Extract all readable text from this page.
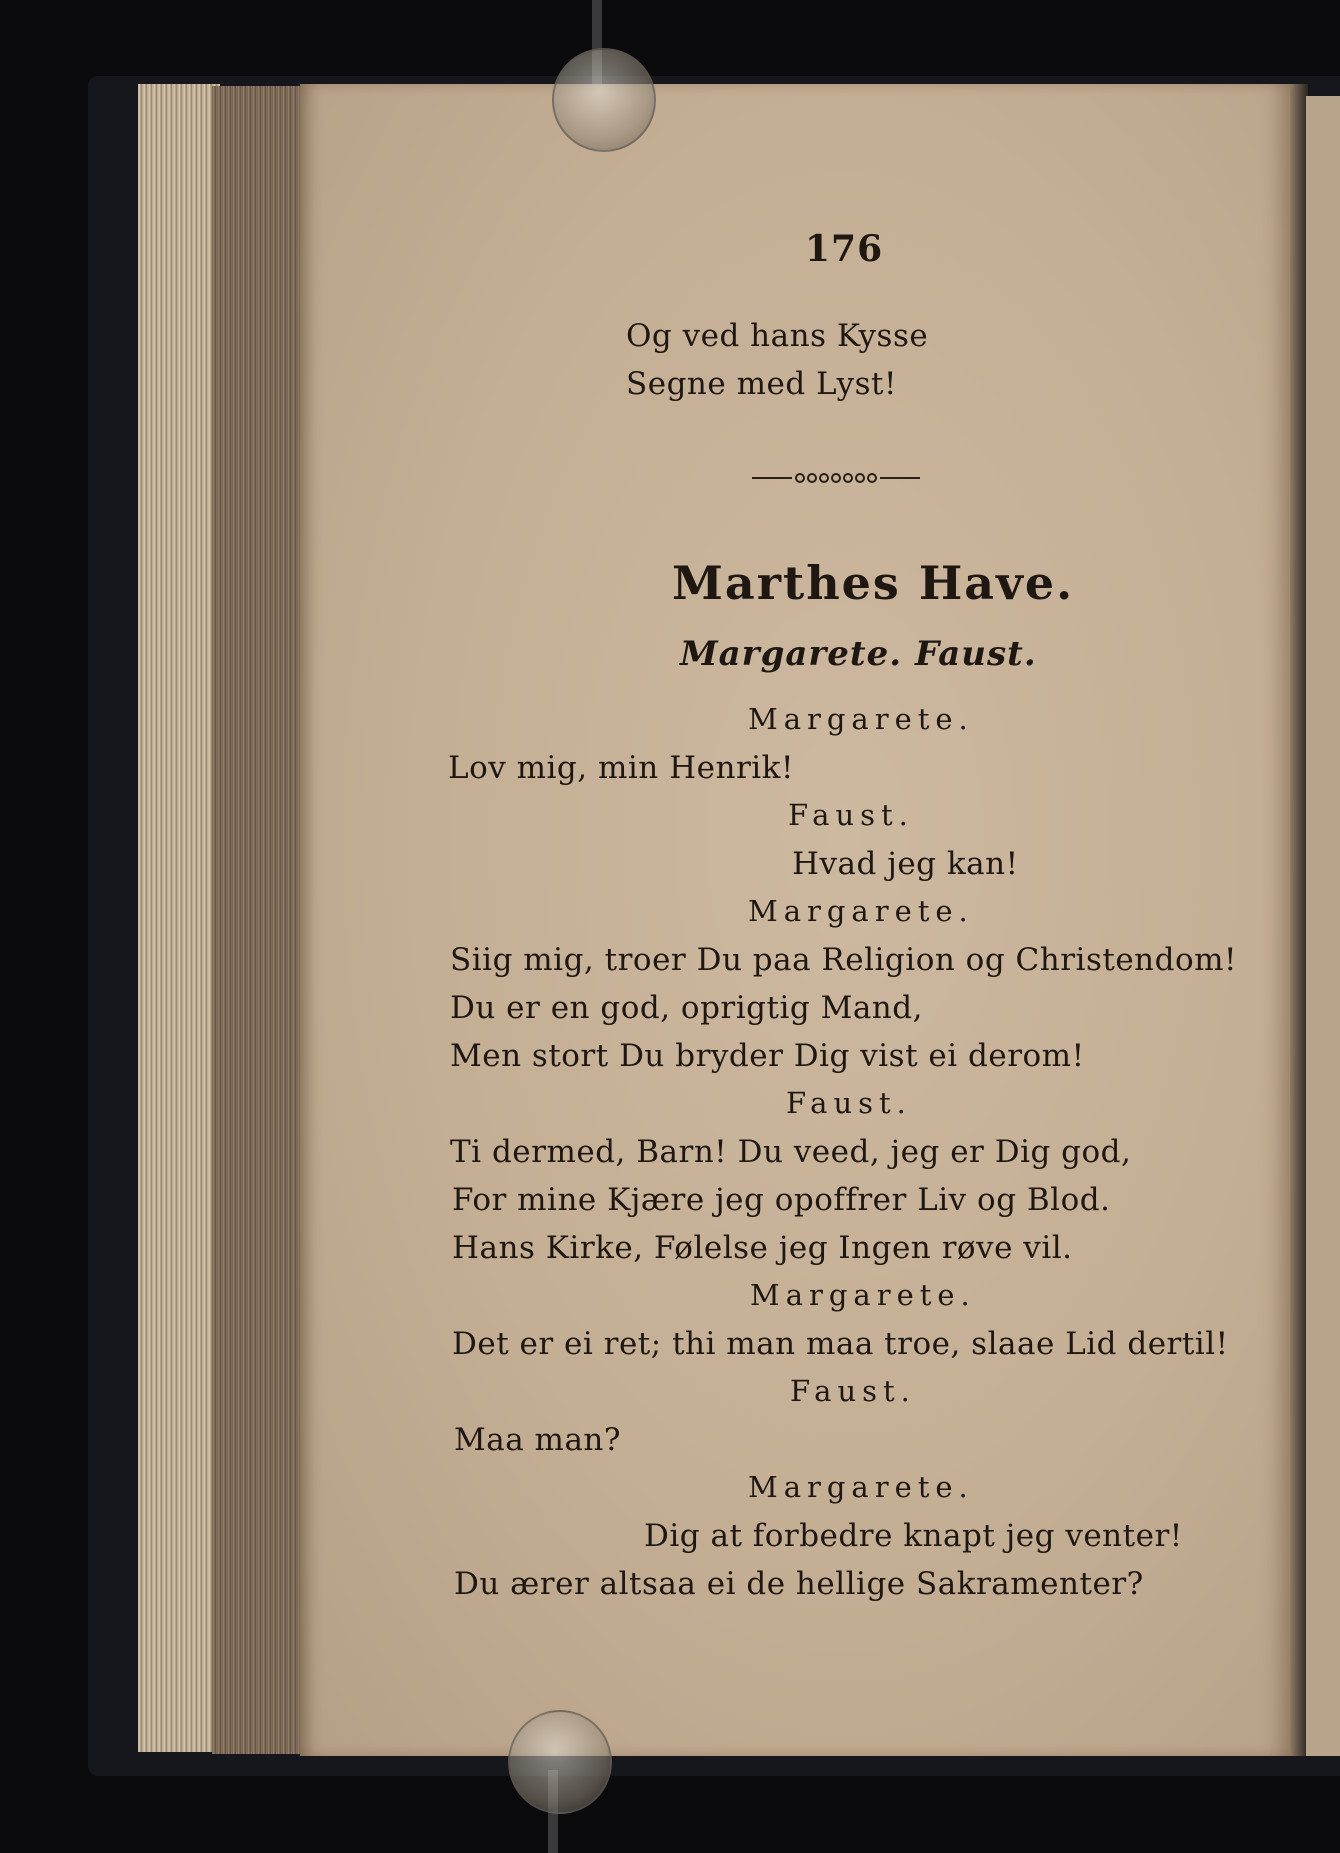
176
Og ved hans Kysse
Segne med Lyst!
Marthes Have.
Margarete. Faust.
Margarete.
Lov mig, min Henrik!
Faust.
Hvad jeg kan!
Margarete.
Siig mig, troer Du paa Religion og Christendom!
Du er en god, oprigtig Mand,
Men stort Du bryder Dig vist ei derom!
Faust.
Ti dermed, Barn! Du veed, jeg er Dig god,
For mine Kjære jeg opoffrer Liv og Blod.
Hans Kirke, Følelse jeg Ingen røve vil.
Margarete.
Det er ei ret; thi man maa troe, slaae Lid dertil!
Faust.
Maa man?
Margarete.
Dig at forbedre knapt jeg venter!
Du ærer altsaa ei de hellige Sakramenter?
